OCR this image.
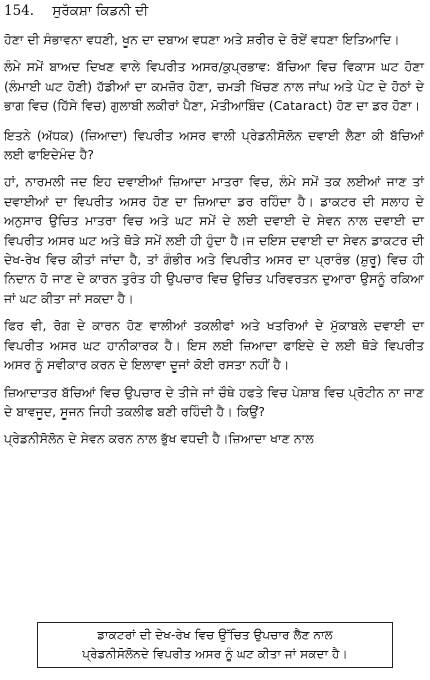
154. ਸੁਰੱਕਸ਼ਾ ਕਿਡਨੀ ਦੀ

ਹੋਣਾ ਦੀ ਸੰਭਾਵਨਾ ਵਧਣੀ, ਖੂਨ ਦਾ ਦਬਾਅ ਵਧਣਾ ਅਤੇ ਸ਼ਰੀਰ ਦੇ ਰੋਏਂ ਵਧਣਾ ਇਤਿਆਦਿ।

ਲੰਮੇ ਸਮੇਂ ਬਾਅਦ ਦਿਖਣ ਵਾਲੇ ਵਿਪਰੀਤ ਅਸਰ/ਕੁਪ੍ਰਭਾਵ: ਬੱਚਿਆ ਵਿਚ ਵਿਕਾਸ ਘਟ ਹੋਣਾ (ਲੰਮਾਈ ਘਟ ਹੋਣੀ) ਹੱਡੀਆਂ ਦਾ ਕਮਜ਼ੋਰ ਹੋਣਾ, ਚਮੜੀ ਖਿੱਚਣ ਨਾਲ ਜਾਂਘ ਅਤੇ ਪੇਟ ਦੇ ਹੋਠਾਂ ਦੇ ਭਾਗ ਵਿਚ (ਹਿੱਸੇ ਵਿਚ) ਗੁਲਾਬੀ ਲਕੀਰਾਂ ਪੈਣਾ, ਮੋਤੀਆਬਿੰਦ (Cataract) ਹੋਣ ਦਾ ਡਰ ਹੋਣਾ।

ਇਤਨੇ (ਅੱਧਕ) (ਜ਼ਿਆਦਾ) ਵਿਪਰੀਤ ਅਸਰ ਵਾਲੀ ਪ੍ਰੇਡਨੀਸੋਲੋਨ ਦਵਾਈ ਲੈਣਾ ਕੀ ਬੱਚਿਆਂ ਲਈ ਫਾਇਦੇਮੰਦ ਹੈ?

ਹਾਂ, ਨਾਰਮਲੀ ਜਦ ਇਹ ਦਵਾਈਆਂ ਜ਼ਿਆਦਾ ਮਾਤਰਾ ਵਿਚ, ਲੰਮੇ ਸਮੇਂ ਤਕ ਲਈਆਂ ਜਾਣ ਤਾਂ ਦਵਾਈਆਂ ਦਾ ਵਿਪਰੀਤ ਅਸਰ ਹੋਣ ਦਾ ਜ਼ਿਆਦਾ ਡਰ ਰਹਿੰਦਾ ਹੈ। ਡਾਕਟਰ ਦੀ ਸਲਾਹ ਦੇ ਅਨੁਸਾਰ ਉਚਿਤ ਮਾਤਰਾ ਵਿਚ ਅਤੇ ਘਟ ਸਮੇਂ ਦੇ ਲਈ ਦਵਾਈ ਦੇ ਸੇਵਨ ਨਾਲ ਦਵਾਈ ਦਾ ਵਿਪਰੀਤ ਅਸਰ ਘਟ ਅਤੇ ਥੋੜੇ ਸਮੇਂ ਲਈ ਹੀ ਹੁੰਦਾ ਹੈ।ਜ ਦਇਸ ਦਵਾਈ ਦਾ ਸੇਵਨ ਡਾਕਟਰ ਦੀ ਦੇਖ-ਰੇਖ ਵਿਚ ਕੀਤਾਂ ਜਾਂਦਾ ਹੈ, ਤਾਂ ਗੰਭੀਰ ਅਤੇ ਵਿਪਰੀਤ ਅਸਰ ਦਾ ਪ੍ਰਾਰੰਭ (ਸ਼ੁਰੂ) ਵਿਚ ਹੀ ਨਿਦਾਨ ਹੋ ਜਾਣ ਦੇ ਕਾਰਨ ਤੁਰੰਤ ਹੀ ਉਪਚਾਰ ਵਿਚ ਉਚਿਤ ਪਰਿਵਰਤਨ ਦੁਆਰਾ ਉਸਨੂੰ ਰਕਿਆ ਜਾਂ ਘਟ ਕੀਤਾ ਜਾਂ ਸਕਦਾ ਹੈ।

ਫਿਰ ਵੀ, ਰੋਗ ਦੇ ਕਾਰਨ ਹੋਣ ਵਾਲੀਆਂ ਤਕਲੀਫਾਂ ਅਤੇ ਖਤਰਿਆਂ ਦੇ ਮੁੱਕਾਬਲੇ ਦਵਾਈ ਦਾ ਵਿਪਰੀਤ ਅਸਰ ਘਟ ਹਾਨੀਕਾਰਕ ਹੈ। ਇਸ ਲਈ ਜ਼ਿਆਦਾ ਫਾਇਦੇ ਦੇ ਲਈ ਥੋੜੇ ਵਿਪਰੀਤ ਅਸਰ ਨੂੰ ਸਵੀਕਾਰ ਕਰਨ ਦੇ ਇਲਾਵਾ ਦੂਜਾਂ ਕੋਈ ਰਸਤਾ ਨਹੀਂ ਹੈ।

ਜ਼ਿਆਦਾਤਰ ਬੱਚਿਆਂ ਵਿਚ ਉਪਚਾਰ ਦੇ ਤੀਜੇ ਜਾਂ ਚੌਥੇ ਹਫਤੇ ਵਿਚ ਪੇਸ਼ਾਬ ਵਿਚ ਪ੍ਰੋਟੀਨ ਨਾ ਜਾਣ ਦੇ ਬਾਵਜੂਦ, ਸੂਜਨ ਜਿਹੀ ਤਕਲੀਫ ਬਣੀ ਰਹਿੰਦੀ ਹੈ। ਕਿਉਂ?

ਪ੍ਰੇਡਨੀਸੋਲੋਨ ਦੇ ਸੇਵਨ ਕਰਨ ਨਾਲ ਭੁੱਖ ਵਧਦੀ ਹੈ।ਜ਼ਿਆਦਾ ਖਾਣ ਨਾਲ

ਡਾਕਟਰਾਂ ਦੀ ਦੇਖ-ਰੇਖ ਵਿਚ ਉੱਚਿਤ ਉਪਚਾਰ ਲੈਣ ਨਾਲ
ਪ੍ਰੇਡਨੀਸੋਲੋਨਦੇ ਵਿਪਰੀਤ ਅਸਰ ਨੂੰ ਘਟ ਕੀਤਾ ਜਾਂ ਸਕਦਾ ਹੈ।
